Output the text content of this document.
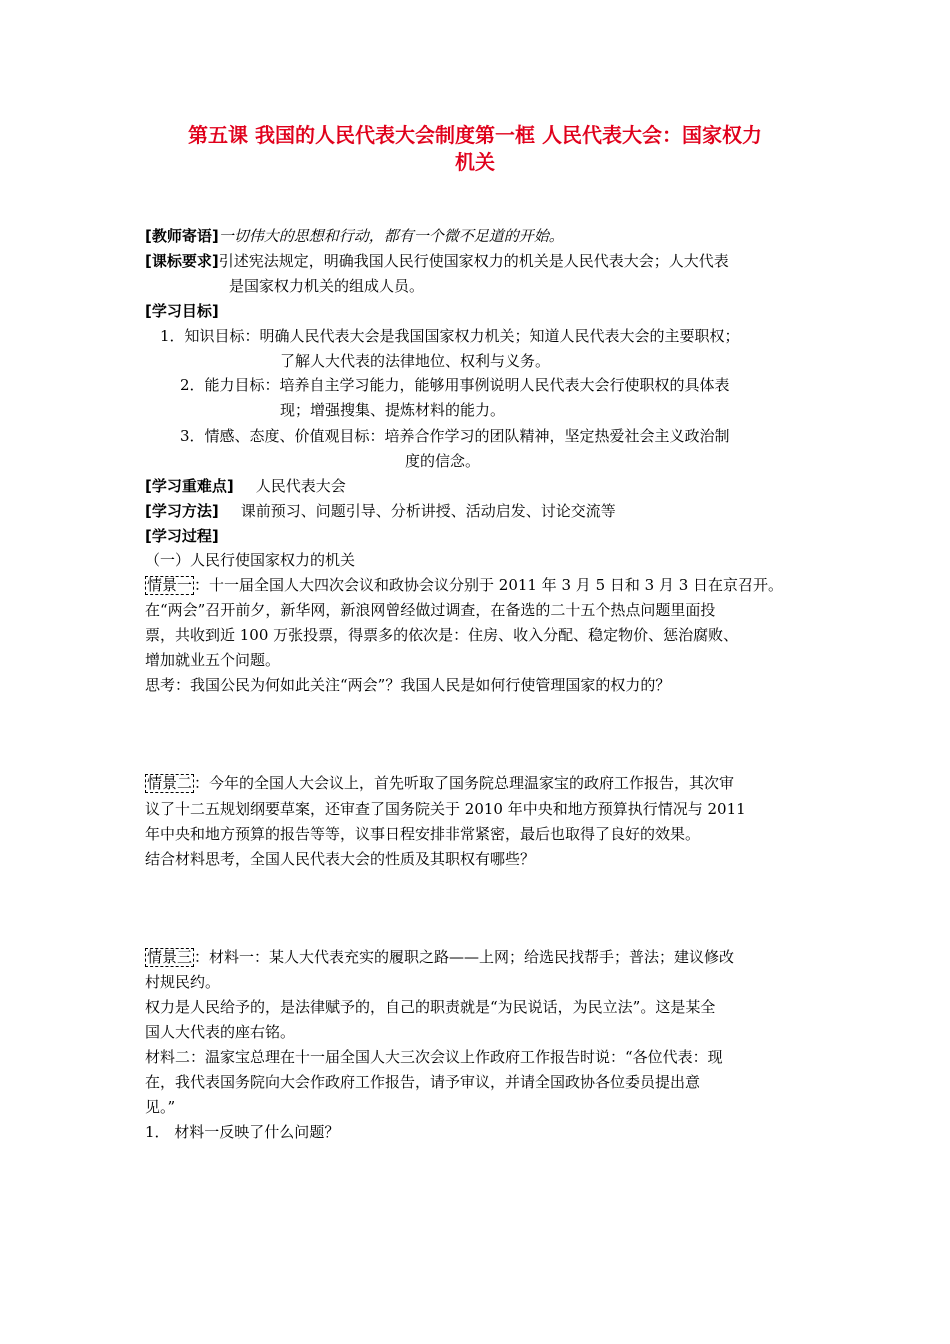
第五课 我国的人民代表大会制度第一框 人民代表大会：国家权力
机关
[教师寄语]一切伟大的思想和行动，都有一个微不足道的开始。
[课标要求]引述宪法规定，明确我国人民行使国家权力的机关是人民代表大会；人大代表
是国家权力机关的组成人员。
[学习目标]
1．知识目标：明确人民代表大会是我国国家权力机关；知道人民代表大会的主要职权；
了解人大代表的法律地位、权利与义务。
2．能力目标：培养自主学习能力，能够用事例说明人民代表大会行使职权的具体表
现；增强搜集、提炼材料的能力。
3．情感、态度、价值观目标：培养合作学习的团队精神，坚定热爱社会主义政治制
度的信念。
[学习重难点] 人民代表大会
[学习方法] 课前预习、问题引导、分析讲授、活动启发、讨论交流等
[学习过程]
（一）人民行使国家权力的机关
情景一 ：十一届全国人大四次会议和政协会议分别于 2011 年 3 月 5 日和 3 月 3 日在京召开。
在“两会”召开前夕，新华网，新浪网曾经做过调查，在备选的二十五个热点问题里面投
票，共收到近 100 万张投票，得票多的依次是：住房、收入分配、稳定物价、惩治腐败、
增加就业五个问题。
思考：我国公民为何如此关注“两会”？我国人民是如何行使管理国家的权力的？
情景二 ：今年的全国人大会议上，首先听取了国务院总理温家宝的政府工作报告，其次审
议了十二五规划纲要草案，还审查了国务院关于 2010 年中央和地方预算执行情况与 2011
年中央和地方预算的报告等等，议事日程安排非常紧密，最后也取得了良好的效果。
结合材料思考，全国人民代表大会的性质及其职权有哪些？
情景三 ：材料一：某人大代表充实的履职之路——上网；给选民找帮手；普法；建议修改
村规民约。
权力是人民给予的，是法律赋予的，自己的职责就是“为民说话，为民立法”。这是某全
国人大代表的座右铭。
材料二：温家宝总理在十一届全国人大三次会议上作政府工作报告时说：“各位代表：现
在，我代表国务院向大会作政府工作报告，请予审议，并请全国政协各位委员提出意
见。”
1． 材料一反映了什么问题？
